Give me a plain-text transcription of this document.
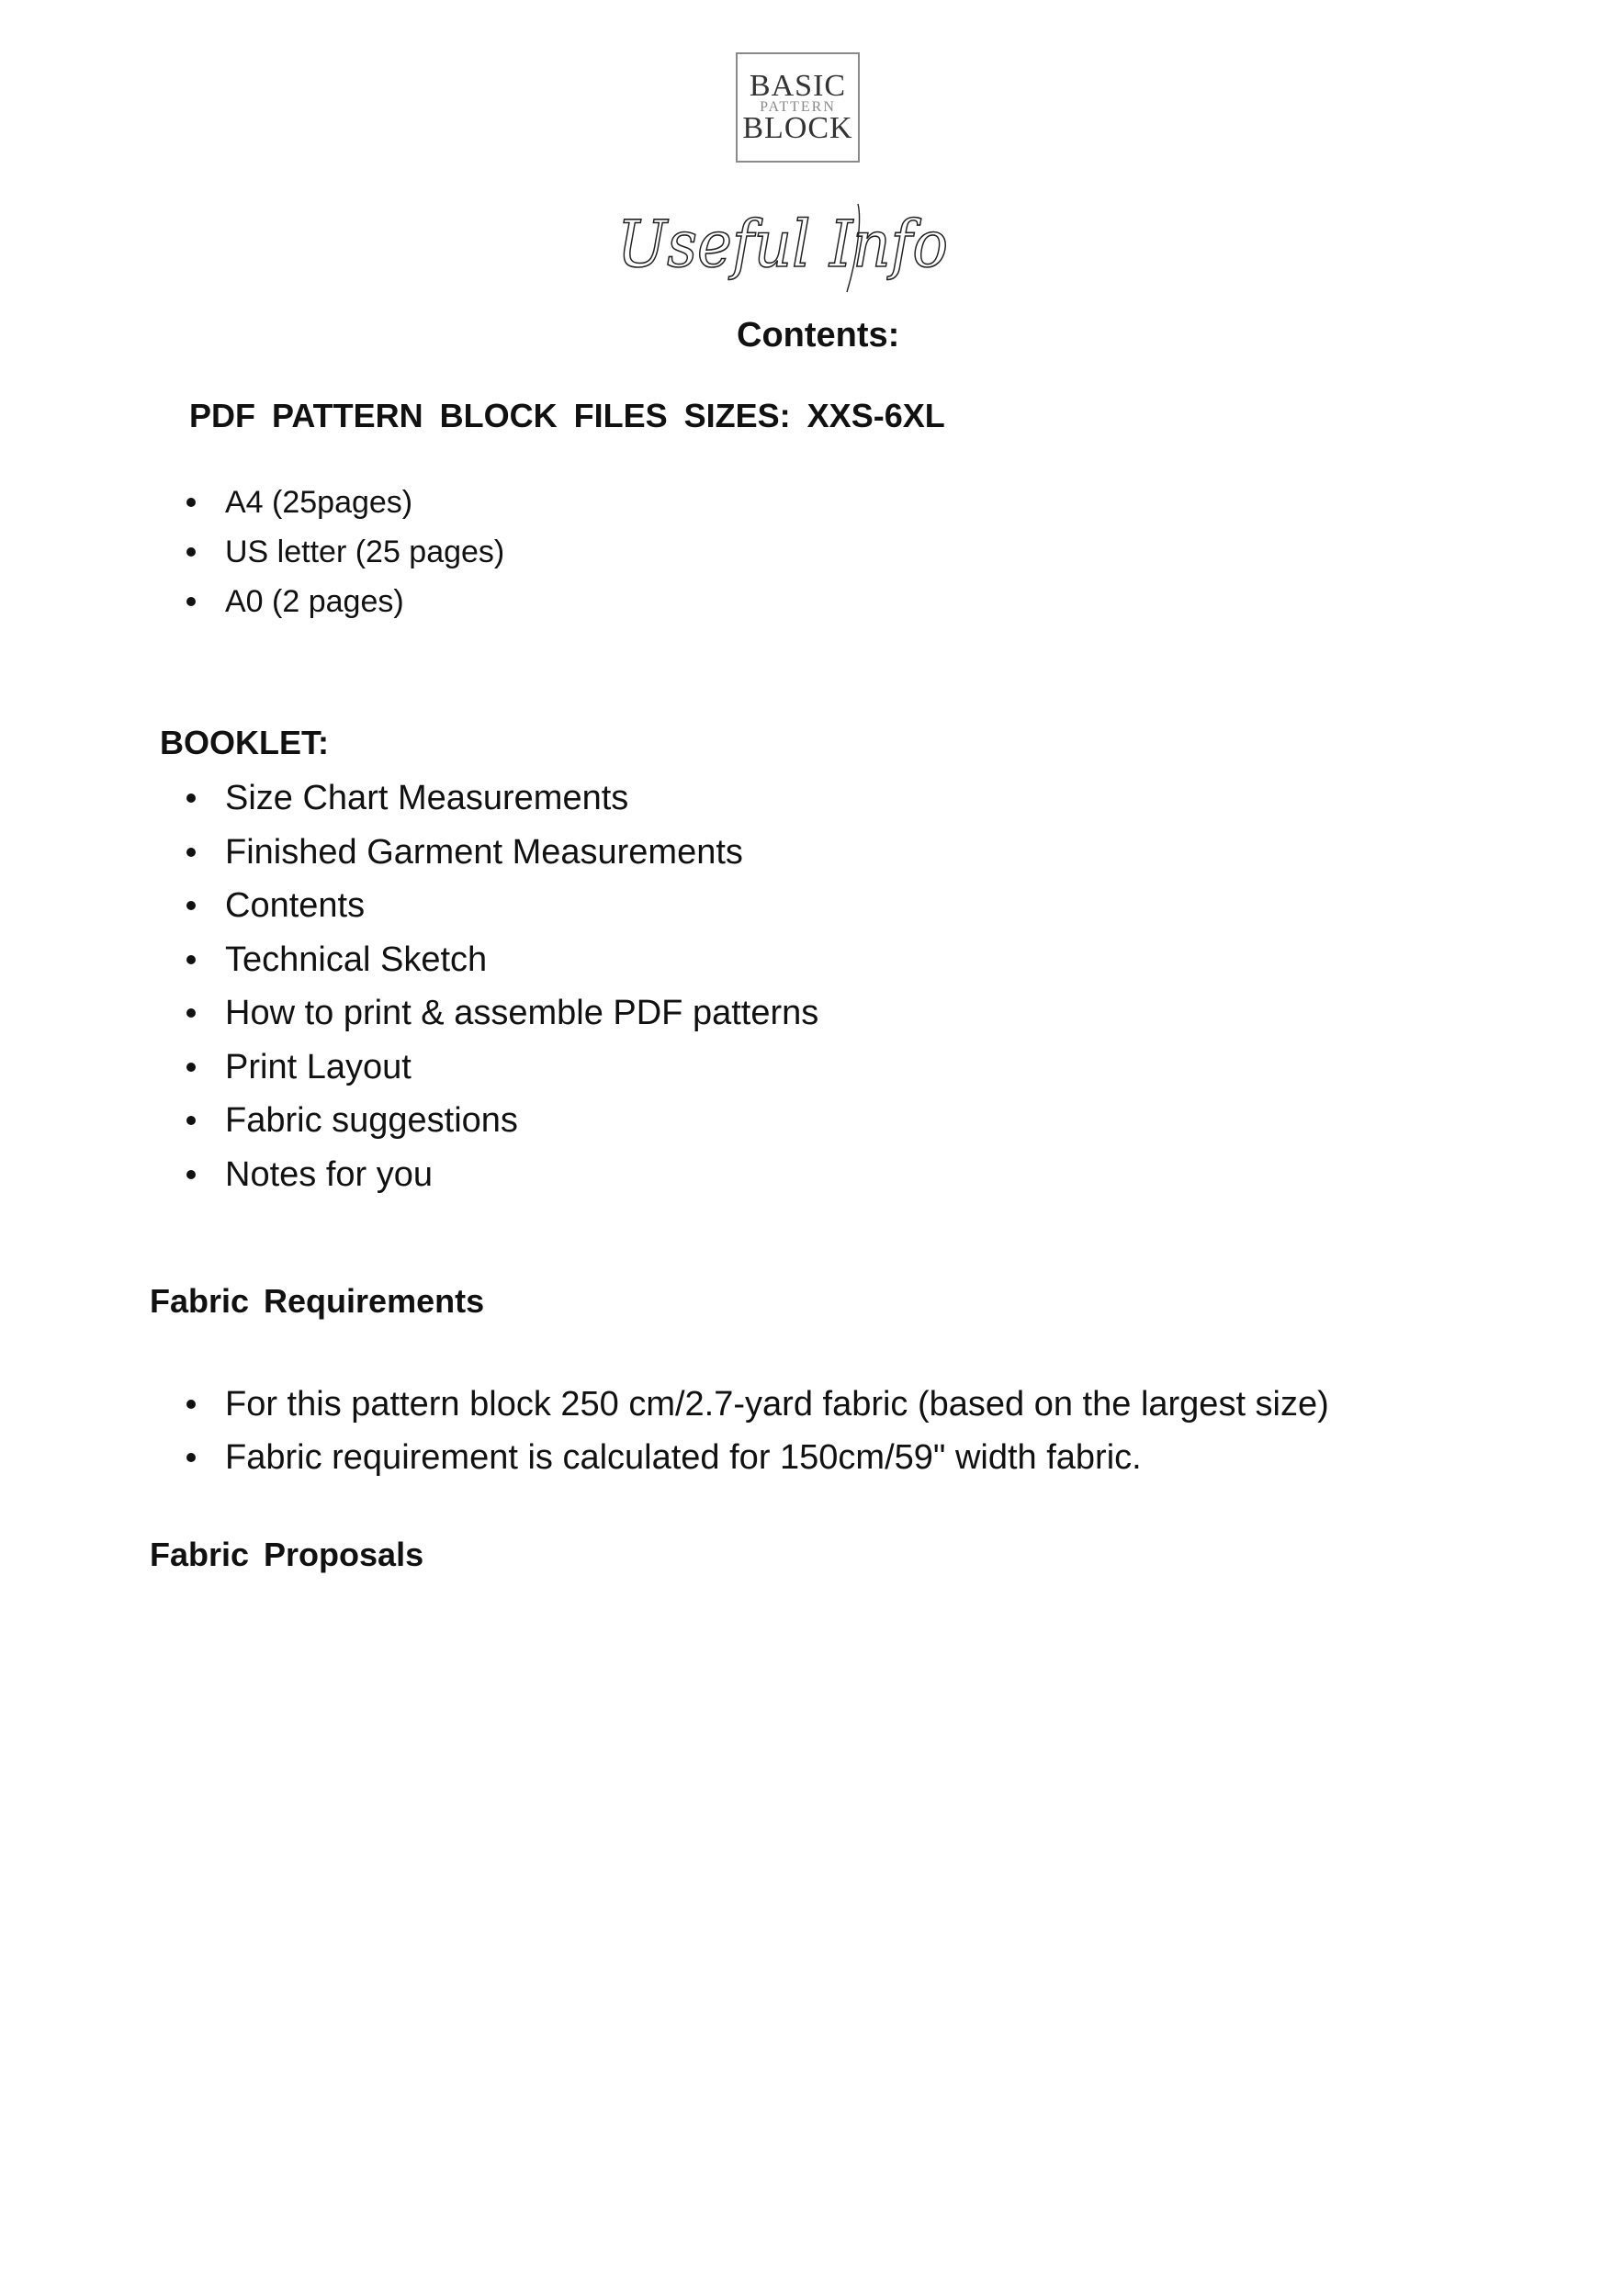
BASIC
PATTERN
BLOCK
Useful Info
Contents:
PDF PATTERN BLOCK FILES SIZES: XXS-6XL
A4 (25pages)
US letter (25 pages)
A0 (2 pages)
BOOKLET:
Size Chart Measurements
Finished Garment Measurements
Contents
Technical Sketch
How to print & assemble PDF patterns
Print Layout
Fabric suggestions
Notes for you
Fabric Requirements
For this pattern block 250 cm/2.7-yard fabric (based on the largest size)
Fabric requirement is calculated for 150cm/59" width fabric.
Fabric Proposals
